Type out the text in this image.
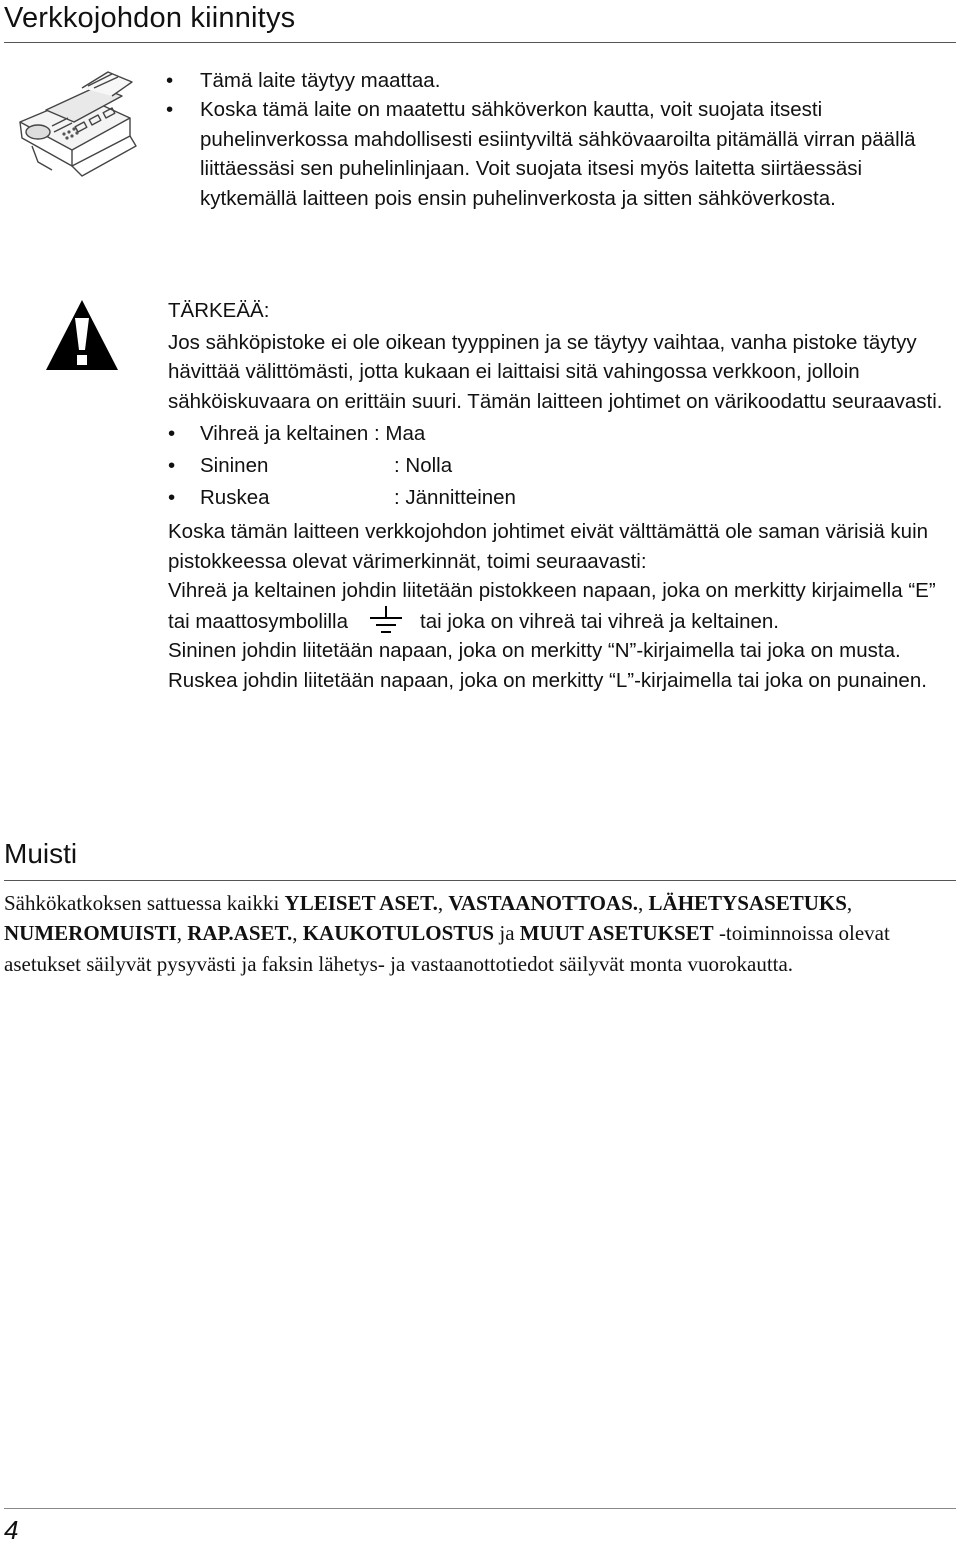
Verkkojohdon kiinnitys
• Tämä laite täytyy maattaa.
• Koska tämä laite on maatettu sähköverkon kautta, voit suojata itsesti puhelinverkossa mahdollisesti esiintyviltä sähkövaaroilta pitämällä virran päällä liittäessäsi sen puhelinlinjaan. Voit suojata itsesi myös laitetta siirtäessäsi kytkemällä laitteen pois ensin puhelinverkosta ja sitten sähköverkosta.

TÄRKEÄÄ:

Jos sähköpistoke ei ole oikean tyyppinen ja se täytyy vaihtaa, vanha pistoke täytyy hävittää välittömästi, jotta kukaan ei laittaisi sitä vahingossa verkkoon, jolloin sähköiskuvaara on erittäin suuri. Tämän laitteen johtimet on värikoodattu seuraavasti.

• Vihreä ja keltainen : Maa
• Sininen	: Nolla
• Ruskea	: Jännitteinen

Koska tämän laitteen verkkojohdon johtimet eivät välttämättä ole saman värisiä kuin pistokkeessa olevat värimerkinnät, toimi seuraavasti:

Vihreä ja keltainen johdin liitetään pistokkeen napaan, joka on merkitty kirjaimella “E” tai maattosymbolilla	tai joka on vihreä tai vihreä ja keltainen.

Sininen johdin liitetään napaan, joka on merkitty “N”-kirjaimella tai joka on musta.

Ruskea johdin liitetään napaan, joka on merkitty “L”-kirjaimella tai joka on punainen.

Muisti

Sähkökatkoksen sattuessa kaikki YLEISET ASET., VASTAANOTTOAS., LÄHETYSASETUKS, NUMEROMUISTI, RAP.ASET., KAUKOTULOSTUS ja MUUT ASETUKSET -toiminnoissa olevat asetukset säilyvät pysyvästi ja faksin lähetys- ja vastaanottotiedot säilyvät monta vuorokautta.

4
